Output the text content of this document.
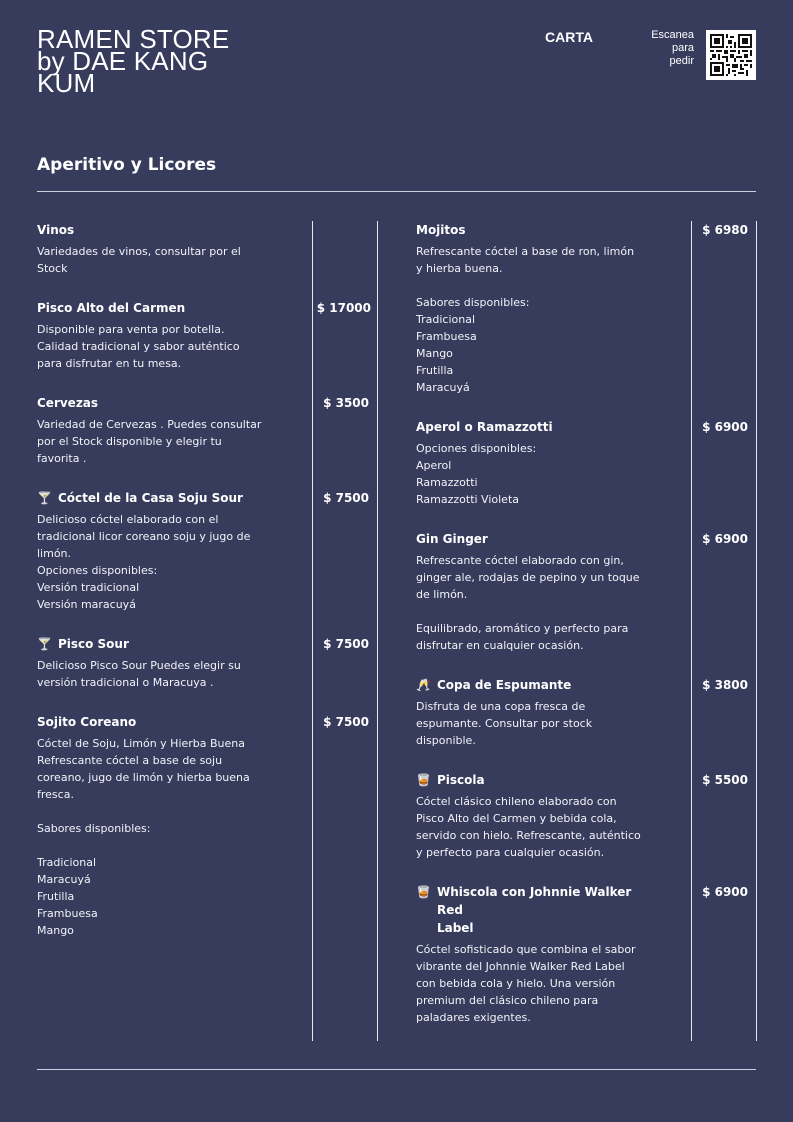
RAMEN STORE
by DAE KANG
KUM
CARTA	Escanea
para
pedir
Aperitivo y Licores
Vinos
Variedades de vinos, consultar por el
Stock
Pisco Alto del Carmen	$ 17000
Disponible para venta por botella.
Calidad tradicional y sabor auténtico
para disfrutar en tu mesa.
Cervezas	$ 3500
Variedad de Cervezas . Puedes consultar
por el Stock disponible y elegir tu
favorita .
🍸 Cóctel de la Casa Soju Sour	$ 7500
Delicioso cóctel elaborado con el
tradicional licor coreano soju y jugo de
limón.
Opciones disponibles:
Versión tradicional
Versión maracuyá
🍸 Pisco Sour	$ 7500
Delicioso Pisco Sour Puedes elegir su
versión tradicional o Maracuya .
Sojito Coreano	$ 7500
Cóctel de Soju, Limón y Hierba Buena
Refrescante cóctel a base de soju
coreano, jugo de limón y hierba buena
fresca.

Sabores disponibles:

Tradicional
Maracuyá
Frutilla
Frambuesa
Mango
Mojitos	$ 6980
Refrescante cóctel a base de ron, limón
y hierba buena.

Sabores disponibles:
Tradicional
Frambuesa
Mango
Frutilla
Maracuyá
Aperol o Ramazzotti	$ 6900
Opciones disponibles:
Aperol
Ramazzotti
Ramazzotti Violeta
Gin Ginger	$ 6900
Refrescante cóctel elaborado con gin,
ginger ale, rodajas de pepino y un toque
de limón.

Equilibrado, aromático y perfecto para
disfrutar en cualquier ocasión.
🥂 Copa de Espumante	$ 3800
Disfruta de una copa fresca de
espumante. Consultar por stock
disponible.
🥃 Piscola	$ 5500
Cóctel clásico chileno elaborado con
Pisco Alto del Carmen y bebida cola,
servido con hielo. Refrescante, auténtico
y perfecto para cualquier ocasión.
🥃 Whiscola con Johnnie Walker Red
Label
$ 6900
Cóctel sofisticado que combina el sabor
vibrante del Johnnie Walker Red Label
con bebida cola y hielo. Una versión
premium del clásico chileno para
paladares exigentes.
